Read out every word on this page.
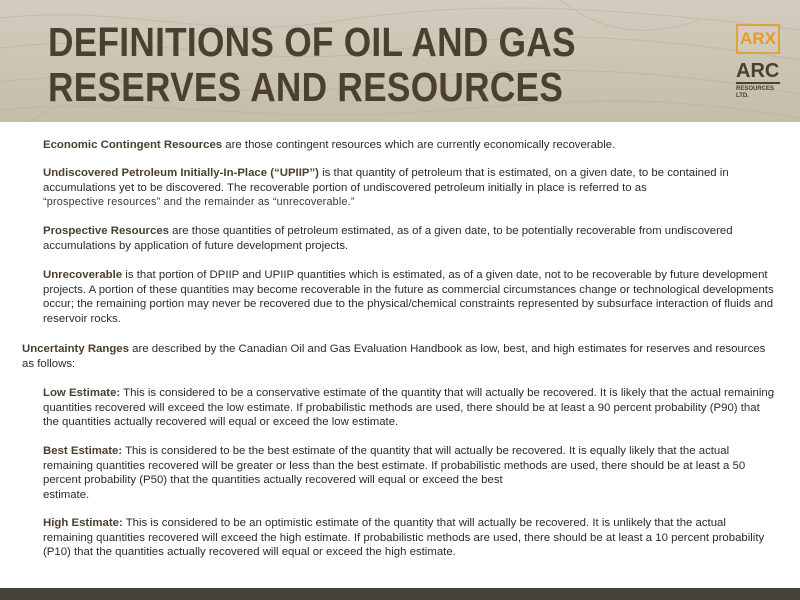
DEFINITIONS OF OIL AND GAS
RESERVES AND RESOURCES
ARX
ARC
RESOURCES
LTD.

Economic Contingent Resources are those contingent resources which are currently economically recoverable.

Undiscovered Petroleum Initially-In-Place (“UPIIP”) is that quantity of petroleum that is estimated, on a given date, to be contained in accumulations yet to be discovered. The recoverable portion of undiscovered petroleum initially in place is referred to as
“prospective resources” and the remainder as “unrecoverable.”

Prospective Resources are those quantities of petroleum estimated, as of a given date, to be potentially recoverable from undiscovered accumulations by application of future development projects.

Unrecoverable is that portion of DPIIP and UPIIP quantities which is estimated, as of a given date, not to be recoverable by future development projects. A portion of these quantities may become recoverable in the future as commercial circumstances change or technological developments occur; the remaining portion may never be recovered due to the physical/chemical constraints represented by subsurface interaction of fluids and reservoir rocks.

Uncertainty Ranges are described by the Canadian Oil and Gas Evaluation Handbook as low, best, and high estimates for reserves and resources as follows:

Low Estimate: This is considered to be a conservative estimate of the quantity that will actually be recovered. It is likely that the actual remaining quantities recovered will exceed the low estimate. If probabilistic methods are used, there should be at least a 90 percent probability (P90) that the quantities actually recovered will equal or exceed the low estimate.

Best Estimate: This is considered to be the best estimate of the quantity that will actually be recovered. It is equally likely that the actual remaining quantities recovered will be greater or less than the best estimate. If probabilistic methods are used, there should be at least a 50 percent probability (P50) that the quantities actually recovered will equal or exceed the best
estimate.

High Estimate: This is considered to be an optimistic estimate of the quantity that will actually be recovered. It is unlikely that the actual remaining quantities recovered will exceed the high estimate. If probabilistic methods are used, there should be at least a 10 percent probability (P10) that the quantities actually recovered will equal or exceed the high estimate.
